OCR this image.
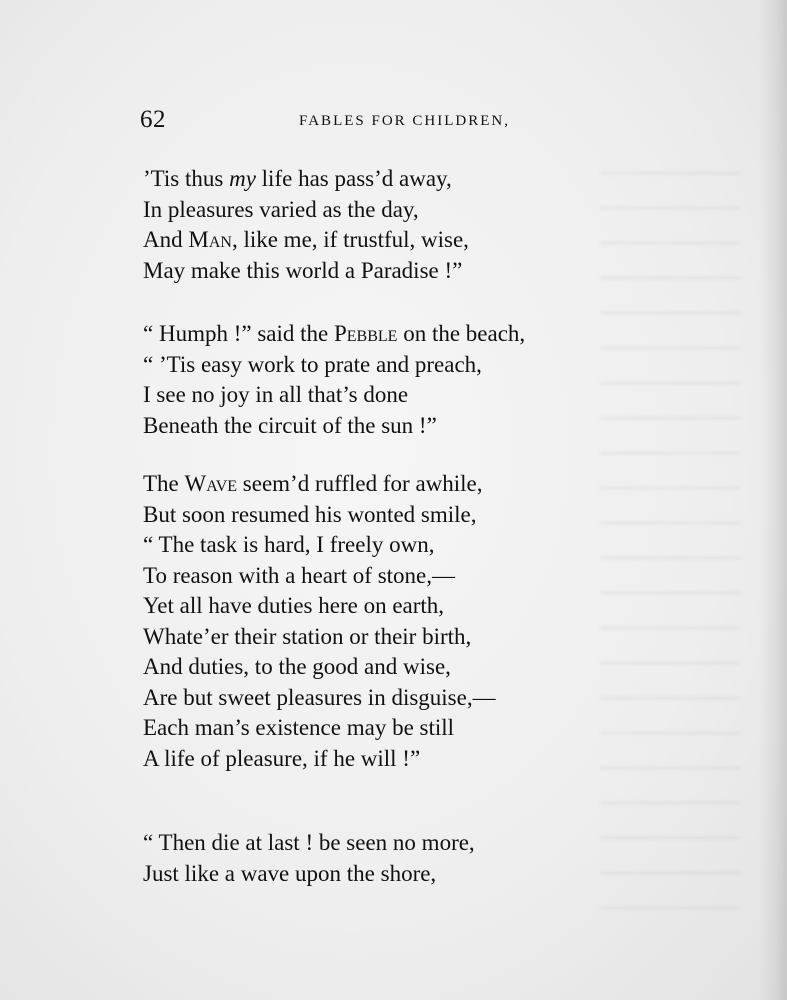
62	FABLES FOR CHILDREN,
’Tis thus my life has pass’d away,
In pleasures varied as the day,
And Man, like me, if trustful, wise,
May make this world a Paradise !”
“ Humph !” said the Pebble on the beach,
“ ’Tis easy work to prate and preach,
I see no joy in all that’s done
Beneath the circuit of the sun !”
The Wave seem’d ruffled for awhile,
But soon resumed his wonted smile,
“ The task is hard, I freely own,
To reason with a heart of stone,—
Yet all have duties here on earth,
Whate’er their station or their birth,
And duties, to the good and wise,
Are but sweet pleasures in disguise,—
Each man’s existence may be still
A life of pleasure, if he will !”
“ Then die at last ! be seen no more,
Just like a wave upon the shore,
